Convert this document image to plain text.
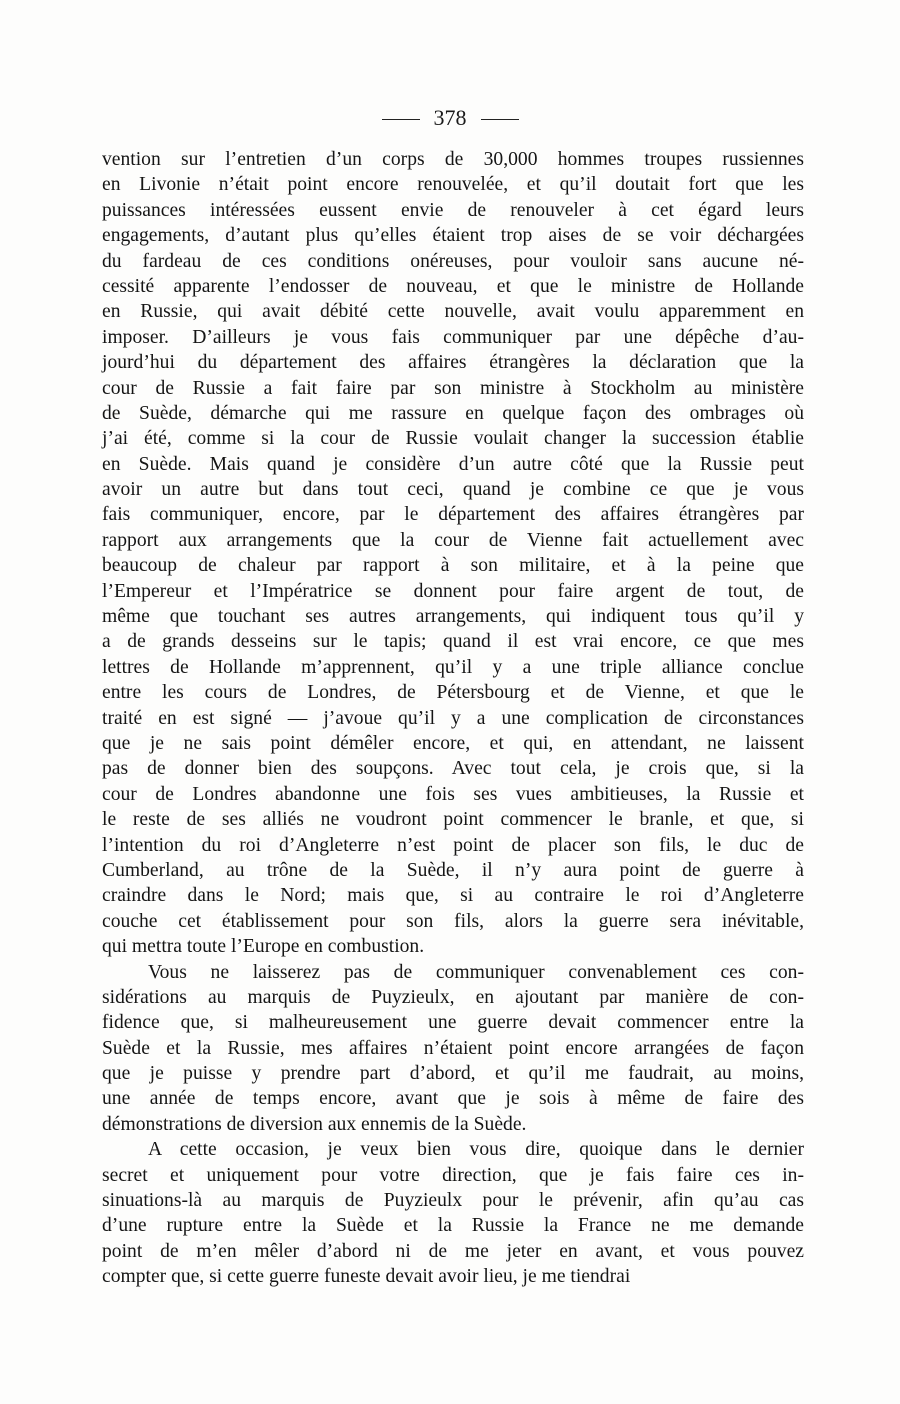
378
vention sur l’entretien d’un corps de 30,000 hommes troupes russiennes
en Livonie n’était point encore renouvelée, et qu’il doutait fort que les
puissances intéressées eussent envie de renouveler à cet égard leurs
engagements, d’autant plus qu’elles étaient trop aises de se voir déchargées
du fardeau de ces conditions onéreuses, pour vouloir sans aucune né-
cessité apparente l’endosser de nouveau, et que le ministre de Hollande
en Russie, qui avait débité cette nouvelle, avait voulu apparemment en
imposer. D’ailleurs je vous fais communiquer par une dépêche d’au-
jourd’hui du département des affaires étrangères la déclaration que la
cour de Russie a fait faire par son ministre à Stockholm au ministère
de Suède, démarche qui me rassure en quelque façon des ombrages où
j’ai été, comme si la cour de Russie voulait changer la succession établie
en Suède. Mais quand je considère d’un autre côté que la Russie peut
avoir un autre but dans tout ceci, quand je combine ce que je vous
fais communiquer, encore, par le département des affaires étrangères par
rapport aux arrangements que la cour de Vienne fait actuellement avec
beaucoup de chaleur par rapport à son militaire, et à la peine que
l’Empereur et l’Impératrice se donnent pour faire argent de tout, de
même que touchant ses autres arrangements, qui indiquent tous qu’il y
a de grands desseins sur le tapis; quand il est vrai encore, ce que mes
lettres de Hollande m’apprennent, qu’il y a une triple alliance conclue
entre les cours de Londres, de Pétersbourg et de Vienne, et que le
traité en est signé — j’avoue qu’il y a une complication de circonstances
que je ne sais point démêler encore, et qui, en attendant, ne laissent
pas de donner bien des soupçons. Avec tout cela, je crois que, si la
cour de Londres abandonne une fois ses vues ambitieuses, la Russie et
le reste de ses alliés ne voudront point commencer le branle, et que, si
l’intention du roi d’Angleterre n’est point de placer son fils, le duc de
Cumberland, au trône de la Suède, il n’y aura point de guerre à
craindre dans le Nord; mais que, si au contraire le roi d’Angleterre
couche cet établissement pour son fils, alors la guerre sera inévitable,
qui mettra toute l’Europe en combustion.
Vous ne laisserez pas de communiquer convenablement ces con-
sidérations au marquis de Puyzieulx, en ajoutant par manière de con-
fidence que, si malheureusement une guerre devait commencer entre la
Suède et la Russie, mes affaires n’étaient point encore arrangées de façon
que je puisse y prendre part d’abord, et qu’il me faudrait, au moins,
une année de temps encore, avant que je sois à même de faire des
démonstrations de diversion aux ennemis de la Suède.
A cette occasion, je veux bien vous dire, quoique dans le dernier
secret et uniquement pour votre direction, que je fais faire ces in-
sinuations-là au marquis de Puyzieulx pour le prévenir, afin qu’au cas
d’une rupture entre la Suède et la Russie la France ne me demande
point de m’en mêler d’abord ni de me jeter en avant, et vous pouvez
compter que, si cette guerre funeste devait avoir lieu, je me tiendrai
